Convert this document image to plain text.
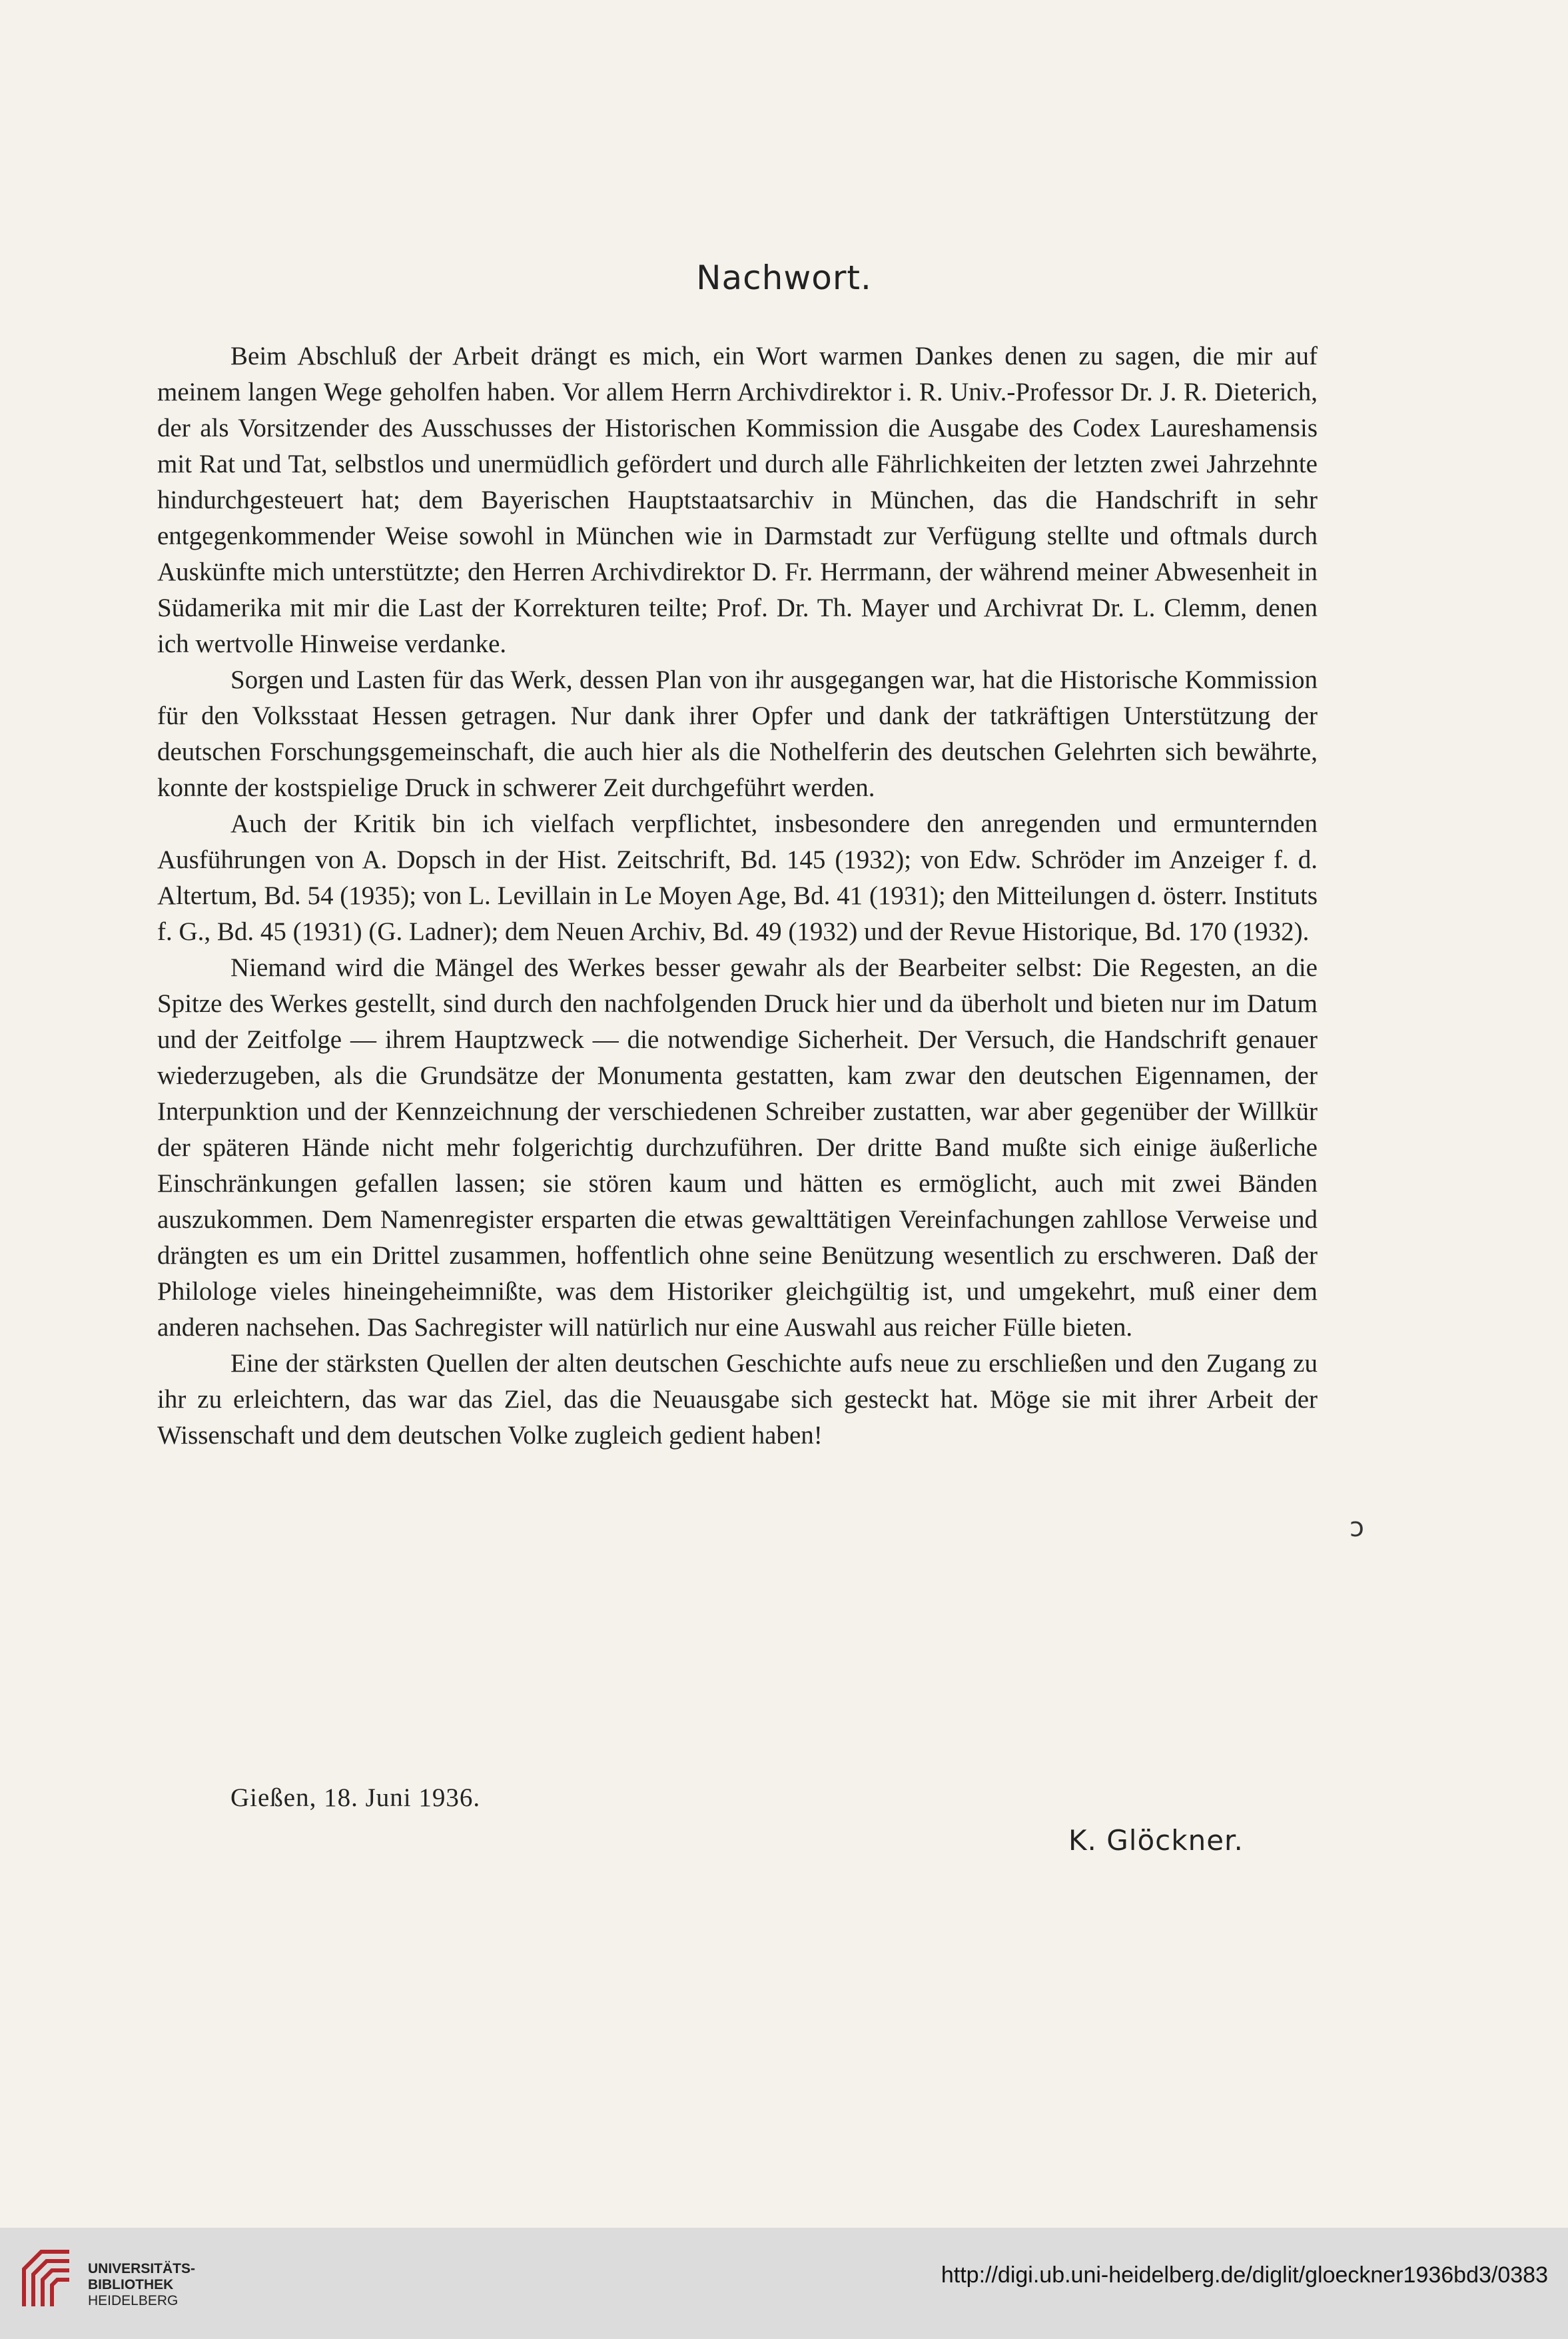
Nachwort.

Beim Abschluß der Arbeit drängt es mich, ein Wort warmen Dankes denen zu sagen, die mir auf meinem langen Wege geholfen haben. Vor allem Herrn Archivdirektor i. R. Univ.-Professor Dr. J. R. Dieterich, der als Vorsitzender des Ausschusses der Historischen Kommission die Ausgabe des Codex Laureshamensis mit Rat und Tat, selbstlos und unermüdlich gefördert und durch alle Fährlichkeiten der letzten zwei Jahrzehnte hindurchgesteuert hat; dem Bayerischen Hauptstaatsarchiv in München, das die Handschrift in sehr entgegenkommender Weise sowohl in München wie in Darmstadt zur Verfügung stellte und oftmals durch Auskünfte mich unterstützte; den Herren Archivdirektor D. Fr. Herrmann, der während meiner Abwesenheit in Südamerika mit mir die Last der Korrekturen teilte; Prof. Dr. Th. Mayer und Archivrat Dr. L. Clemm, denen ich wertvolle Hinweise verdanke.

Sorgen und Lasten für das Werk, dessen Plan von ihr ausgegangen war, hat die Historische Kommission für den Volksstaat Hessen getragen. Nur dank ihrer Opfer und dank der tatkräftigen Unterstützung der deutschen Forschungsgemeinschaft, die auch hier als die Nothelferin des deutschen Gelehrten sich bewährte, konnte der kostspielige Druck in schwerer Zeit durchgeführt werden.

Auch der Kritik bin ich vielfach verpflichtet, insbesondere den anregenden und ermunternden Ausführungen von A. Dopsch in der Hist. Zeitschrift, Bd. 145 (1932); von Edw. Schröder im Anzeiger f. d. Altertum, Bd. 54 (1935); von L. Levillain in Le Moyen Age, Bd. 41 (1931); den Mitteilungen d. österr. Instituts f. G., Bd. 45 (1931) (G. Ladner); dem Neuen Archiv, Bd. 49 (1932) und der Revue Historique, Bd. 170 (1932).

Niemand wird die Mängel des Werkes besser gewahr als der Bearbeiter selbst: Die Regesten, an die Spitze des Werkes gestellt, sind durch den nachfolgenden Druck hier und da überholt und bieten nur im Datum und der Zeitfolge — ihrem Hauptzweck — die notwendige Sicherheit. Der Versuch, die Handschrift genauer wiederzugeben, als die Grundsätze der Monumenta gestatten, kam zwar den deutschen Eigennamen, der Interpunktion und der Kennzeichnung der verschiedenen Schreiber zustatten, war aber gegenüber der Willkür der späteren Hände nicht mehr folgerichtig durchzuführen. Der dritte Band mußte sich einige äußerliche Einschränkungen gefallen lassen; sie stören kaum und hätten es ermöglicht, auch mit zwei Bänden auszukommen. Dem Namenregister ersparten die etwas gewalttätigen Vereinfachungen zahllose Verweise und drängten es um ein Drittel zusammen, hoffentlich ohne seine Benützung wesentlich zu erschweren. Daß der Philologe vieles hineingeheimnißte, was dem Historiker gleichgültig ist, und umgekehrt, muß einer dem anderen nachsehen. Das Sachregister will natürlich nur eine Auswahl aus reicher Fülle bieten.

Eine der stärksten Quellen der alten deutschen Geschichte aufs neue zu erschließen und den Zugang zu ihr zu erleichtern, das war das Ziel, das die Neuausgabe sich gesteckt hat. Möge sie mit ihrer Arbeit der Wissenschaft und dem deutschen Volke zugleich gedient haben!

ↄ
Gießen, 18. Juni 1936.
K. Glöckner.
UNIVERSITÄTS-
BIBLIOTHEK
HEIDELBERG
http://digi.ub.uni-heidelberg.de/diglit/gloeckner1936bd3/0383
